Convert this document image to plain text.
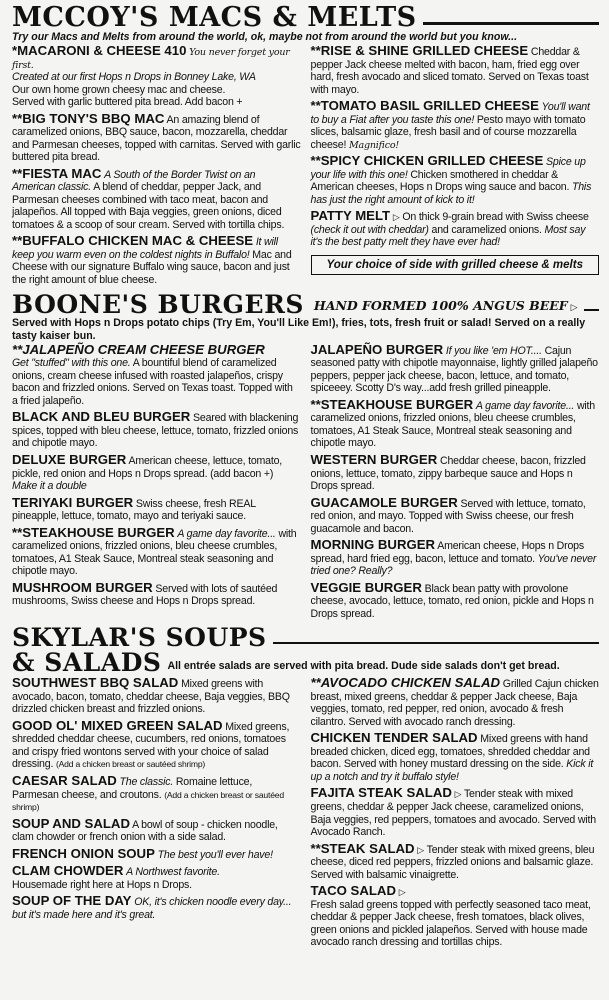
MCCOY'S MACS & MELTS
Try our Macs and Melts from around the world, ok, maybe not from around the world but you know...
*MACARONI & CHEESE 410 You never forget your first.
Created at our first Hops n Drops in Bonney Lake, WA
Our own home grown cheesy mac and cheese.
Served with garlic buttered pita bread. Add bacon +
**BIG TONY'S BBQ MAC An amazing blend of caramelized onions, BBQ sauce, bacon, mozzarella, cheddar and Parmesan cheeses, topped with carnitas. Served with garlic buttered pita bread.
**FIESTA MAC A South of the Border Twist on an American classic. A blend of cheddar, pepper Jack, and Parmesan cheeses combined with taco meat, bacon and jalapeños. All topped with Baja veggies, green onions, diced tomatoes & a scoop of sour cream. Served with tortilla chips.
**BUFFALO CHICKEN MAC & CHEESE It will keep you warm even on the coldest nights in Buffalo! Mac and Cheese with our signature Buffalo wing sauce, bacon and just the right amount of blue cheese.
**RISE & SHINE GRILLED CHEESE Cheddar & pepper Jack cheese melted with bacon, ham, fried egg over hard, fresh avocado and sliced tomato. Served on Texas toast with mayo.
**TOMATO BASIL GRILLED CHEESE You'll want to buy a Fiat after you taste this one! Pesto mayo with tomato slices, balsamic glaze, fresh basil and of course mozzarella cheese! Magnifico!
**SPICY CHICKEN GRILLED CHEESE Spice up your life with this one! Chicken smothered in cheddar & American cheeses, Hops n Drops wing sauce and bacon. This has just the right amount of kick to it!
PATTY MELT ▷ On thick 9-grain bread with Swiss cheese (check it out with cheddar) and caramelized onions. Most say it's the best patty melt they have ever had!
Your choice of side with grilled cheese & melts
BOONE'S BURGERS HAND FORMED 100% ANGUS BEEF ▷
Served with Hops n Drops potato chips (Try Em, You'll Like Em!), fries, tots, fresh fruit or salad! Served on a really tasty kaiser bun.
**JALAPEÑO CREAM CHEESE BURGER
Get "stuffed" with this one. A bountiful blend of caramelized onions, cream cheese infused with roasted jalapeños, crispy bacon and frizzled onions. Served on Texas toast. Topped with a fried jalapeño.
BLACK AND BLEU BURGER Seared with blackening spices, topped with bleu cheese, lettuce, tomato, frizzled onions and chipotle mayo.
DELUXE BURGER American cheese, lettuce, tomato, pickle, red onion and Hops n Drops spread. (add bacon +) Make it a double
TERIYAKI BURGER Swiss cheese, fresh REAL pineapple, lettuce, tomato, mayo and teriyaki sauce.
**STEAKHOUSE BURGER A game day favorite... with caramelized onions, frizzled onions, bleu cheese crumbles, tomatoes, A1 Steak Sauce, Montreal steak seasoning and chipotle mayo.
MUSHROOM BURGER Served with lots of sautéed mushrooms, Swiss cheese and Hops n Drops spread.
JALAPEÑO BURGER If you like 'em HOT.... Cajun seasoned patty with chipotle mayonnaise, lightly grilled jalapeño peppers, pepper jack cheese, bacon, lettuce, and tomato, spiceeey. Scotty D's way...add fresh grilled pineapple.
**STEAKHOUSE BURGER A game day favorite... with caramelized onions, frizzled onions, bleu cheese crumbles, tomatoes, A1 Steak Sauce, Montreal steak seasoning and chipotle mayo.
WESTERN BURGER Cheddar cheese, bacon, frizzled onions, lettuce, tomato, zippy barbeque sauce and Hops n Drops spread.
GUACAMOLE BURGER Served with lettuce, tomato, red onion, and mayo. Topped with Swiss cheese, our fresh guacamole and bacon.
MORNING BURGER American cheese, Hops n Drops spread, hard fried egg, bacon, lettuce and tomato. You've never tried one? Really?
VEGGIE BURGER Black bean patty with provolone cheese, avocado, lettuce, tomato, red onion, pickle and Hops n Drops spread.
SKYLAR'S SOUPS
& SALADS All entrée salads are served with pita bread. Dude side salads don't get bread.
SOUTHWEST BBQ SALAD Mixed greens with avocado, bacon, tomato, cheddar cheese, Baja veggies, BBQ drizzled chicken breast and frizzled onions.
GOOD OL' MIXED GREEN SALAD Mixed greens, shredded cheddar cheese, cucumbers, red onions, tomatoes and crispy fried wontons served with your choice of salad dressing. (Add a chicken breast or sautéed shrimp)
CAESAR SALAD The classic. Romaine lettuce, Parmesan cheese, and croutons. (Add a chicken breast or sautéed shrimp)
SOUP AND SALAD A bowl of soup - chicken noodle, clam chowder or french onion with a side salad.
FRENCH ONION SOUP The best you'll ever have!
CLAM CHOWDER A Northwest favorite.
Housemade right here at Hops n Drops.
SOUP OF THE DAY OK, it's chicken noodle every day... but it's made here and it's great.
**AVOCADO CHICKEN SALAD Grilled Cajun chicken breast, mixed greens, cheddar & pepper Jack cheese, Baja veggies, tomato, red pepper, red onion, avocado & fresh cilantro. Served with avocado ranch dressing.
CHICKEN TENDER SALAD Mixed greens with hand breaded chicken, diced egg, tomatoes, shredded cheddar and bacon. Served with honey mustard dressing on the side. Kick it up a notch and try it buffalo style!
FAJITA STEAK SALAD ▷ Tender steak with mixed greens, cheddar & pepper Jack cheese, caramelized onions, Baja veggies, red peppers, tomatoes and avocado. Served with Avocado Ranch.
**STEAK SALAD ▷ Tender steak with mixed greens, bleu cheese, diced red peppers, frizzled onions and balsamic glaze. Served with balsamic vinaigrette.
TACO SALAD ▷
Fresh salad greens topped with perfectly seasoned taco meat, cheddar & pepper Jack cheese, fresh tomatoes, black olives, green onions and pickled jalapeños. Served with house made avocado ranch dressing and tortillas chips.
